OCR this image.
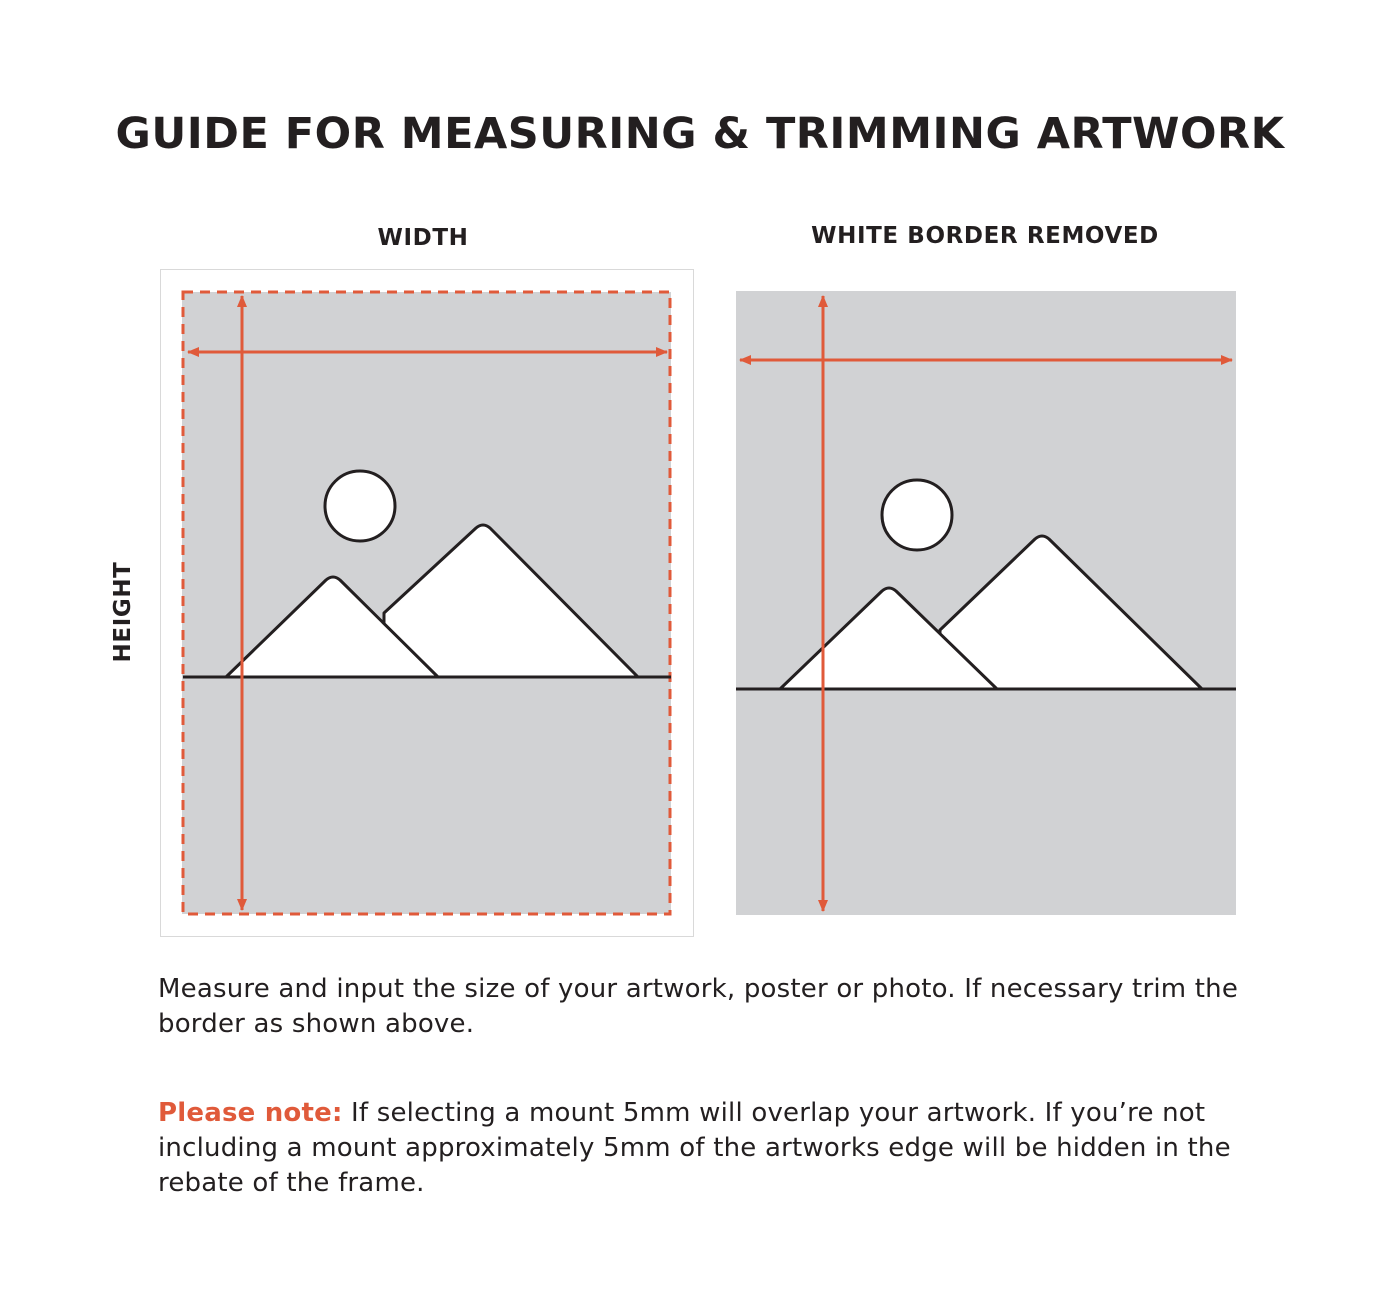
GUIDE FOR MEASURING & TRIMMING ARTWORK
WIDTH	WHITE BORDER REMOVED
HEIGHT
Measure and input the size of your artwork, poster or photo. If necessary trim the border as shown above.
Please note: If selecting a mount 5mm will overlap your artwork. If you’re not including a mount approximately 5mm of the artworks edge will be hidden in the rebate of the frame.
